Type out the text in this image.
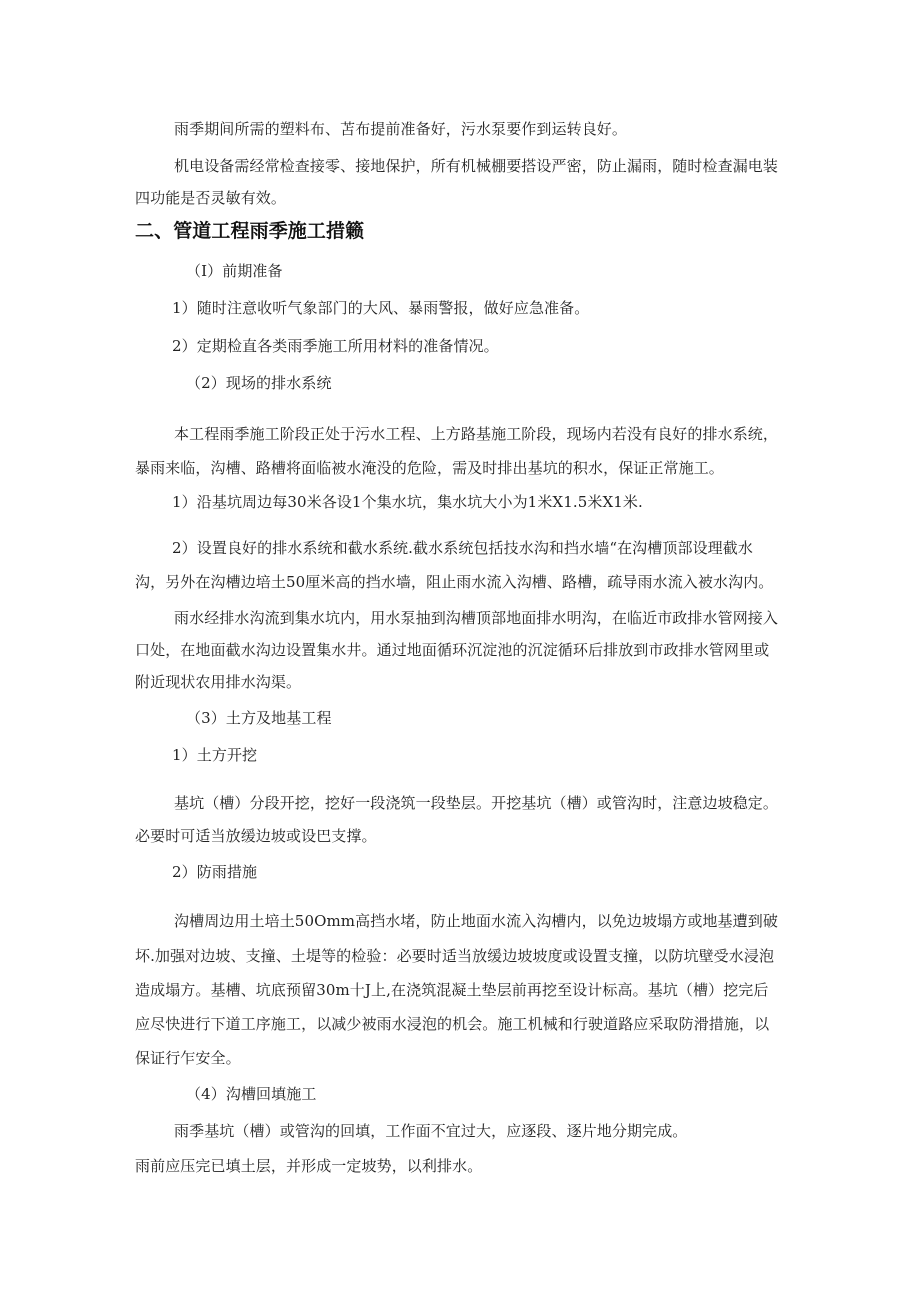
雨季期间所需的塑料布、苫布提前准备好，污水泵要作到运转良好。
机电设备需经常检查接零、接地保护，所有机械棚要搭设严密，防止漏雨，随时检查漏电装
四功能是否灵敏有效。
二、管道工程雨季施工措籁
（I）前期准备
1）随时注意收听气象部门的大风、暴雨警报，做好应急准备。
2）定期检直各类雨季施工所用材料的准备情况。
（2）现场的排水系统
本工程雨季施工阶段正处于污水工程、上方路基施工阶段，现场内若没有良好的排水系统，
暴雨来临，沟槽、路槽将面临被水淹没的危险，需及时排出基坑的积水，保证正常施工。
1）沿基坑周边每30米各设1个集水坑，集水坑大小为1米X1.5米X1米.
2）设置良好的排水系统和截水系统.截水系统包括技水沟和挡水墙“在沟槽顶部设理截水
沟，另外在沟槽边培土50厘米高的挡水墙，阻止雨水流入沟槽、路槽，疏导雨水流入被水沟内。
雨水经排水沟流到集水坑内，用水泵抽到沟槽顶部地面排水明沟，在临近市政排水管网接入
口处，在地面截水沟边设置集水井。通过地面循环沉淀池的沉淀循环后排放到市政排水管网里或
附近现状农用排水沟渠。
（3）土方及地基工程
1）土方开挖
基坑（槽）分段开挖，挖好一段浇筑一段垫层。开挖基坑（槽）或管沟时，注意边坡稳定。
必要时可适当放缓边坡或设巴支撑。
2）防雨措施
沟槽周边用土培土50Omm高挡水堵，防止地面水流入沟槽内，以免边坡塌方或地基遭到破
坏.加强对边坡、支撞、土堤等的检验：必要时适当放缓边坡坡度或设置支撞，以防坑壁受水浸泡
造成塌方。基槽、坑底预留30m十J上,在浇筑混凝土垫层前再挖至设计标高。基坑（槽）挖完后
应尽快进行下道工序施工，以减少被雨水浸泡的机会。施工机械和行驶道路应采取防滑措施，以
保证行乍安全。
（4）沟槽回填施工
雨季基坑（槽）或管沟的回填，工作面不宜过大，应逐段、逐片地分期完成。
雨前应压完已填土层，并形成一定坡势，以利排水。
